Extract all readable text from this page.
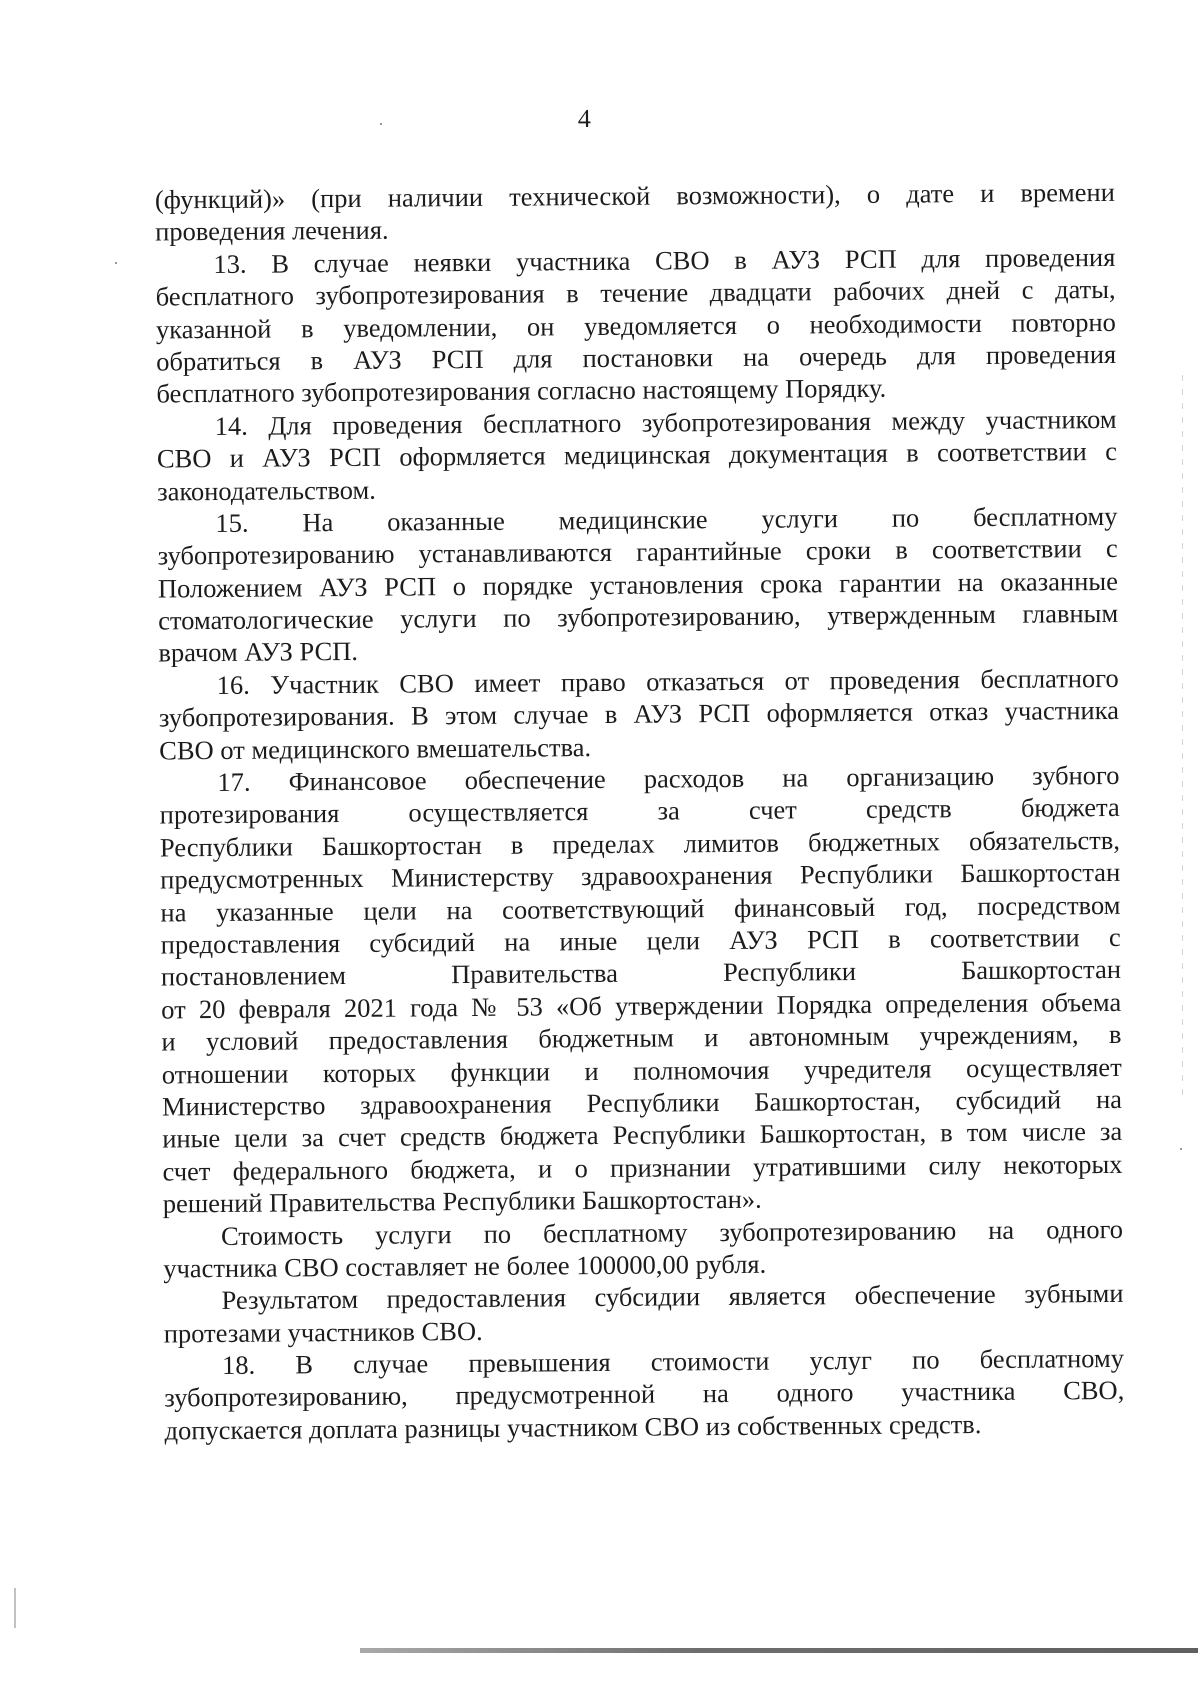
4
(функций)» (при наличии технической возможности), о дате и времени
проведения лечения.
13. В случае неявки участника СВО в АУЗ РСП для проведения
бесплатного зубопротезирования в течение двадцати рабочих дней с даты,
указанной в уведомлении, он уведомляется о необходимости повторно
обратиться в АУЗ РСП для постановки на очередь для проведения
бесплатного зубопротезирования согласно настоящему Порядку.
14. Для проведения бесплатного зубопротезирования между участником
СВО и АУЗ РСП оформляется медицинская документация в соответствии с
законодательством.
15. На оказанные медицинские услуги по бесплатному
зубопротезированию устанавливаются гарантийные сроки в соответствии с
Положением АУЗ РСП о порядке установления срока гарантии на оказанные
стоматологические услуги по зубопротезированию, утвержденным главным
врачом АУЗ РСП.
16. Участник СВО имеет право отказаться от проведения бесплатного
зубопротезирования. В этом случае в АУЗ РСП оформляется отказ участника
СВО от медицинского вмешательства.
17. Финансовое обеспечение расходов на организацию зубного
протезирования осуществляется за счет средств бюджета
Республики Башкортостан в пределах лимитов бюджетных обязательств,
предусмотренных Министерству здравоохранения Республики Башкортостан
на указанные цели на соответствующий финансовый год, посредством
предоставления субсидий на иные цели АУЗ РСП в соответствии с
постановлением Правительства Республики Башкортостан
от 20 февраля 2021 года № 53 «Об утверждении Порядка определения объема
и условий предоставления бюджетным и автономным учреждениям, в
отношении которых функции и полномочия учредителя осуществляет
Министерство здравоохранения Республики Башкортостан, субсидий на
иные цели за счет средств бюджета Республики Башкортостан, в том числе за
счет федерального бюджета, и о признании утратившими силу некоторых
решений Правительства Республики Башкортостан».
Стоимость услуги по бесплатному зубопротезированию на одного
участника СВО составляет не более 100000,00 рубля.
Результатом предоставления субсидии является обеспечение зубными
протезами участников СВО.
18. В случае превышения стоимости услуг по бесплатному
зубопротезированию, предусмотренной на одного участника СВО,
допускается доплата разницы участником СВО из собственных средств.
